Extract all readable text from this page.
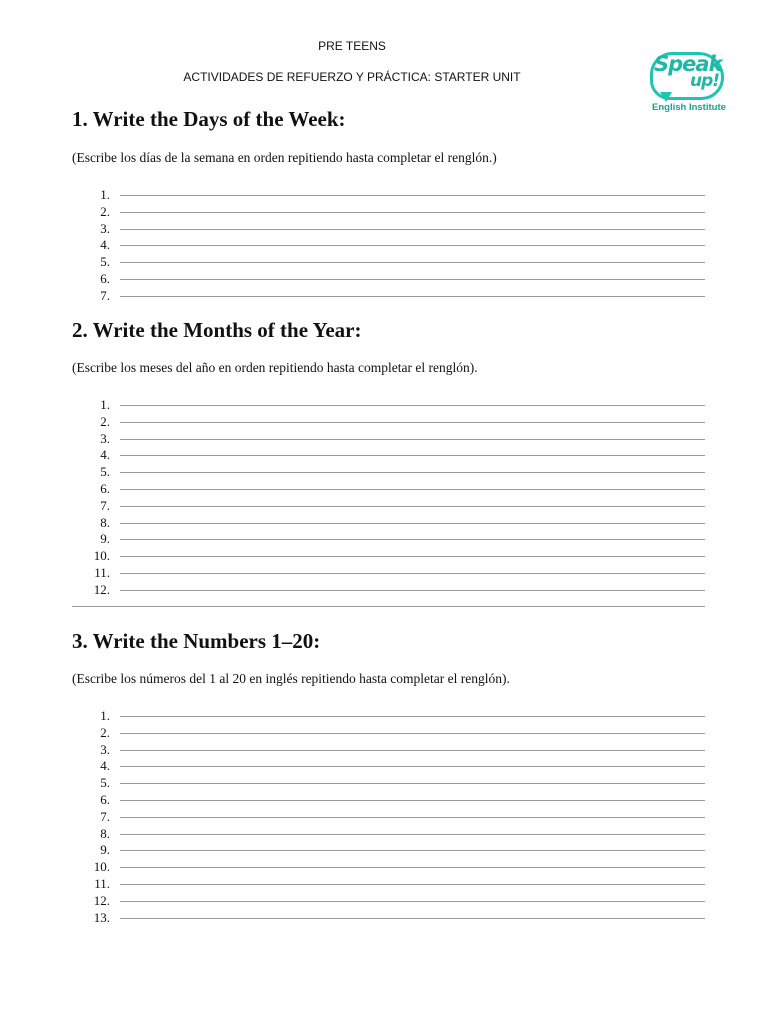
PRE TEENS
ACTIVIDADES DE REFUERZO Y PRÁCTICA: STARTER UNIT
Speak
up!
English Institute
1. Write the Days of the Week:

(Escribe los días de la semana en orden repitiendo hasta completar el renglón.)

1.
2.
3.
4.
5.
6.
7.
2. Write the Months of the Year:

(Escribe los meses del año en orden repitiendo hasta completar el renglón).

1.
2.
3.
4.
5.
6.
7.
8.
9.
10.
11.
12.
3. Write the Numbers 1–20:

(Escribe los números del 1 al 20 en inglés repitiendo hasta completar el renglón).

1.
2.
3.
4.
5.
6.
7.
8.
9.
10.
11.
12.
13.
